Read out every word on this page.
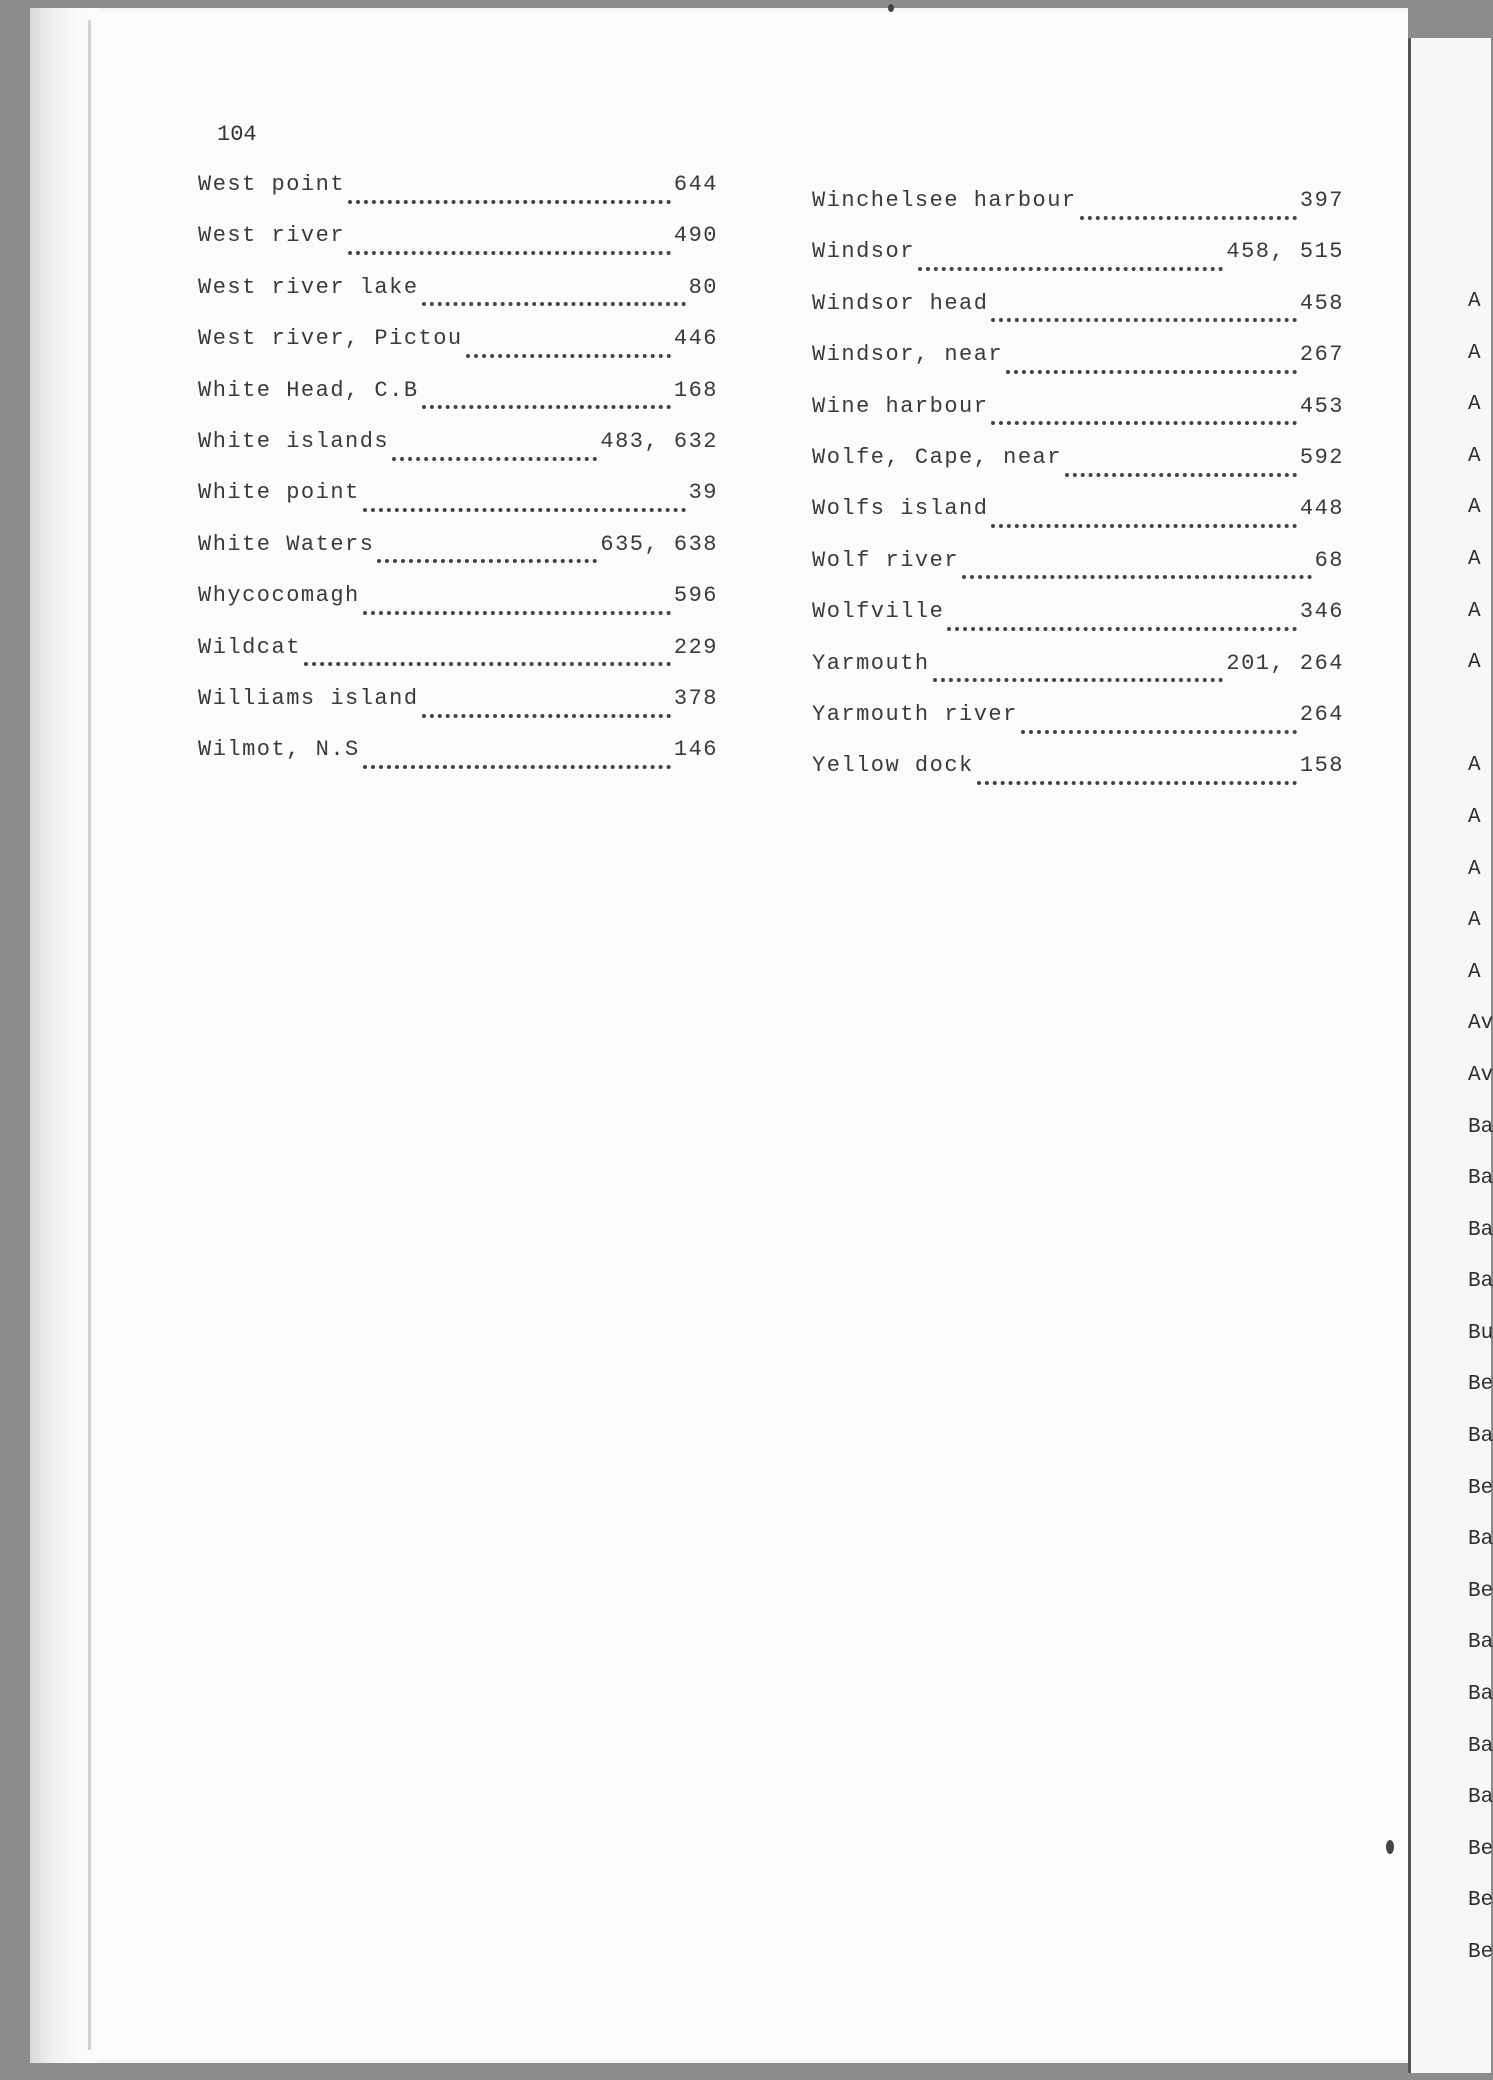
A
A
A
A
A
A
A
A
A
A
A
A
A
Av
Av
Ba
Ba
Ba
Ba
Bu
Be
Ba
Be
Ba
Be
Ba
Ba
Ba
Ba
Be
Be
Be
104
West point	644
West river	490
West river lake	80
West river, Pictou	446
White Head, C.B	168
White islands	483, 632
White point	39
White Waters	635, 638
Whycocomagh	596
Wildcat	229
Williams island	378
Wilmot, N.S	146
Winchelsee harbour	397
Windsor	458, 515
Windsor head	458
Windsor, near	267
Wine harbour	453
Wolfe, Cape, near	592
Wolfs island	448
Wolf river	68
Wolfville	346
Yarmouth	201, 264
Yarmouth river	264
Yellow dock	158
